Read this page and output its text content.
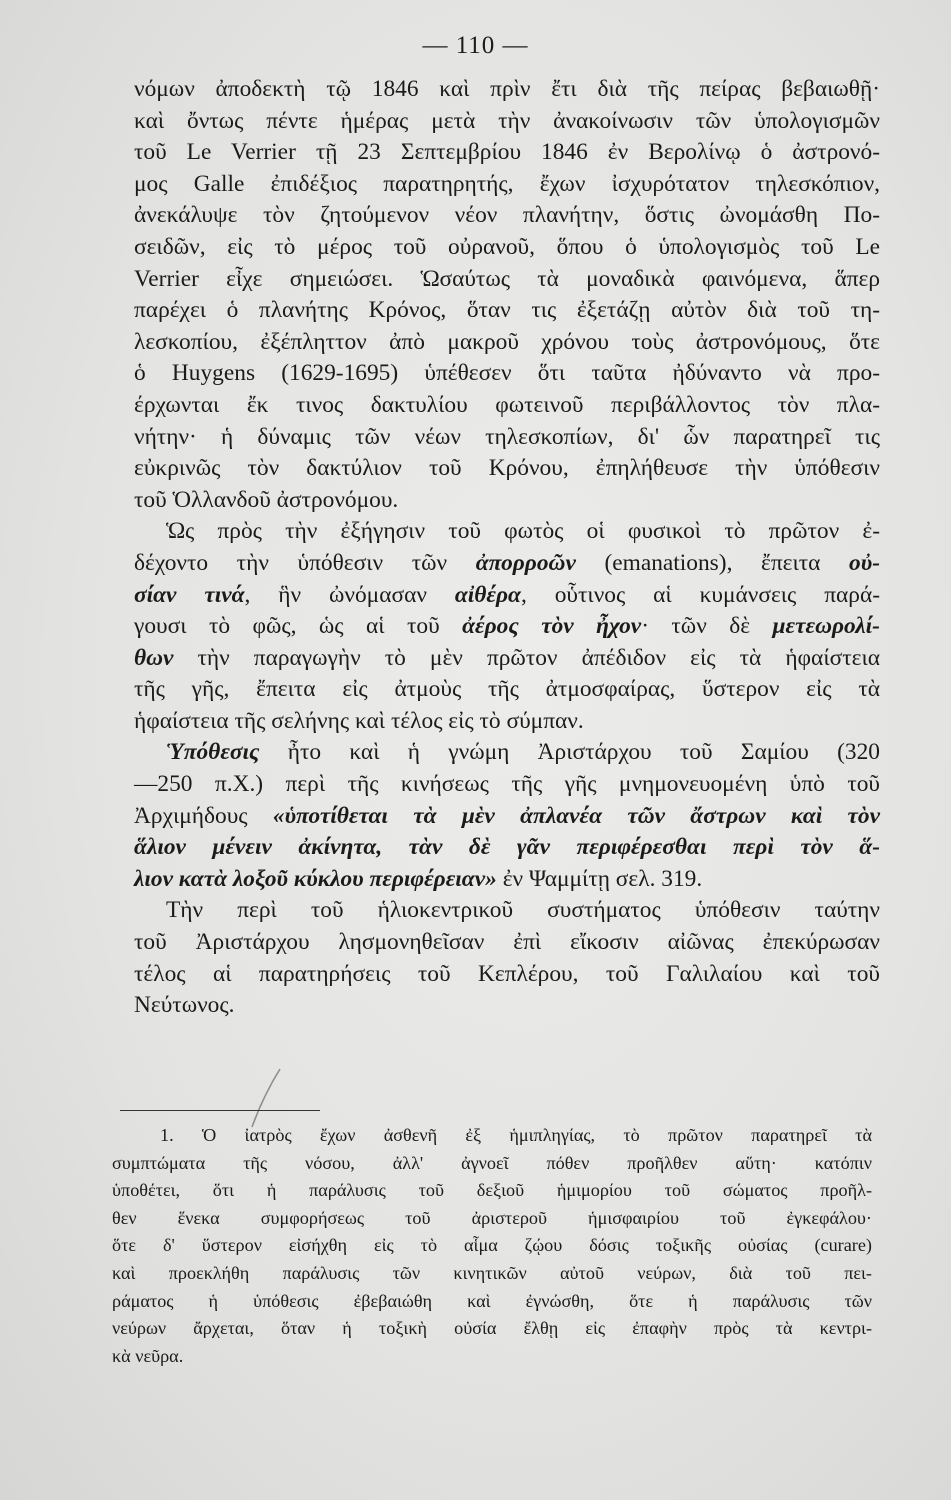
— 110 —

νόμων ἀποδεκτὴ τῷ 1846 καὶ πρὶν ἔτι διὰ τῆς πείρας βεβαιωθῇ·
καὶ ὄντως πέντε ἡμέρας μετὰ τὴν ἀνακοίνωσιν τῶν ὑπολογισμῶν
τοῦ Le Verrier τῇ 23 Σεπτεμβρίου 1846 ἐν Βερολίνῳ ὁ ἀστρονό-
μος Galle ἐπιδέξιος παρατηρητής, ἔχων ἰσχυρότατον τηλεσκόπιον,
ἀνεκάλυψε τὸν ζητούμενον νέον πλανήτην, ὅστις ὠνομάσθη Πο-
σειδῶν, εἰς τὸ μέρος τοῦ οὐρανοῦ, ὅπου ὁ ὑπολογισμὸς τοῦ Le
Verrier εἶχε σημειώσει. Ὡσαύτως τὰ μοναδικὰ φαινόμενα, ἅπερ
παρέχει ὁ πλανήτης Κρόνος, ὅταν τις ἐξετάζῃ αὐτὸν διὰ τοῦ τη-
λεσκοπίου, ἐξέπληττον ἀπὸ μακροῦ χρόνου τοὺς ἀστρονόμους, ὅτε
ὁ Huygens (1629-1695) ὑπέθεσεν ὅτι ταῦτα ἠδύναντο νὰ προ-
έρχωνται ἔκ τινος δακτυλίου φωτεινοῦ περιβάλλοντος τὸν πλα-
νήτην· ἡ δύναμις τῶν νέων τηλεσκοπίων, δι' ὧν παρατηρεῖ τις
εὐκρινῶς τὸν δακτύλιον τοῦ Κρόνου, ἐπηλήθευσε τὴν ὑπόθεσιν
τοῦ Ὁλλανδοῦ ἀστρονόμου.

Ὡς πρὸς τὴν ἐξήγησιν τοῦ φωτὸς οἱ φυσικοὶ τὸ πρῶτον ἐ-
δέχοντο τὴν ὑπόθεσιν τῶν ἀπορροῶν (emanations), ἔπειτα οὐ-
σίαν τινά, ἣν ὠνόμασαν αἰθέρα, οὗτινος αἱ κυμάνσεις παρά-
γουσι τὸ φῶς, ὡς αἱ τοῦ ἀέρος τὸν ἦχον· τῶν δὲ μετεωρολί-
θων τὴν παραγωγὴν τὸ μὲν πρῶτον ἀπέδιδον εἰς τὰ ἡφαίστεια
τῆς γῆς, ἔπειτα εἰς ἀτμοὺς τῆς ἀτμοσφαίρας, ὕστερον εἰς τὰ
ἡφαίστεια τῆς σελήνης καὶ τέλος εἰς τὸ σύμπαν.

Ὑπόθεσις ἦτο καὶ ἡ γνώμη Ἀριστάρχου τοῦ Σαμίου (320
—250 π.Χ.) περὶ τῆς κινήσεως τῆς γῆς μνημονευομένη ὑπὸ τοῦ
Ἀρχιμήδους «ὑποτίθεται τὰ μὲν ἀπλανέα τῶν ἄστρων καὶ τὸν
ἅλιον μένειν ἀκίνητα, τὰν δὲ γᾶν περιφέρεσθαι περὶ τὸν ἅ-
λιον κατὰ λοξοῦ κύκλου περιφέρειαν» ἐν Ψαμμίτῃ σελ. 319.

Τὴν περὶ τοῦ ἡλιοκεντρικοῦ συστήματος ὑπόθεσιν ταύτην
τοῦ Ἀριστάρχου λησμονηθεῖσαν ἐπὶ εἴκοσιν αἰῶνας ἐπεκύρωσαν
τέλος αἱ παρατηρήσεις τοῦ Κεπλέρου, τοῦ Γαλιλαίου καὶ τοῦ
Νεύτωνος.

1. Ὁ ἰατρὸς ἔχων ἀσθενῆ ἐξ ἡμιπληγίας, τὸ πρῶτον παρατηρεῖ τὰ
συμπτώματα τῆς νόσου, ἀλλ' ἀγνοεῖ πόθεν προῆλθεν αὕτη· κατόπιν
ὑποθέτει, ὅτι ἡ παράλυσις τοῦ δεξιοῦ ἡμιμορίου τοῦ σώματος προῆλ-
θεν ἕνεκα συμφορήσεως τοῦ ἀριστεροῦ ἡμισφαιρίου τοῦ ἐγκεφάλου·
ὅτε δ' ὕστερον εἰσήχθη εἰς τὸ αἷμα ζῴου δόσις τοξικῆς οὐσίας (curare)
καὶ προεκλήθη παράλυσις τῶν κινητικῶν αὐτοῦ νεύρων, διὰ τοῦ πει-
ράματος ἡ ὑπόθεσις ἐβεβαιώθη καὶ ἐγνώσθη, ὅτε ἡ παράλυσις τῶν
νεύρων ἄρχεται, ὅταν ἡ τοξικὴ οὐσία ἔλθῃ εἰς ἐπαφὴν πρὸς τὰ κεντρι-
κὰ νεῦρα.
